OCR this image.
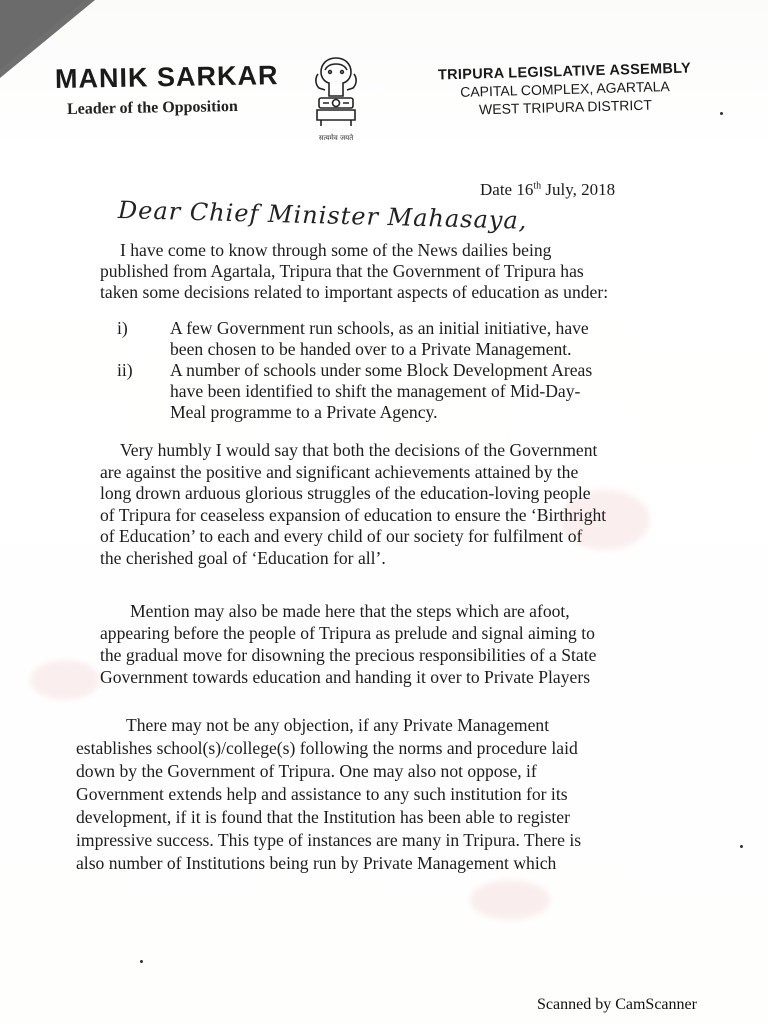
MANIK SARKAR
Leader of the Opposition
सत्यमेव जयते
TRIPURA LEGISLATIVE ASSEMBLY
CAPITAL COMPLEX, AGARTALA
WEST TRIPURA DISTRICT
Date 16th July, 2018
Dear Chief Minister Mahasaya,
I have come to know through some of the News dailies being
published from Agartala, Tripura that the Government of Tripura has
taken some decisions related to important aspects of education as under:
i) A few Government run schools, as an initial initiative, have
been chosen to be handed over to a Private Management.
ii) A number of schools under some Block Development Areas
have been identified to shift the management of Mid-Day-
Meal programme to a Private Agency.
Very humbly I would say that both the decisions of the Government
are against the positive and significant achievements attained by the
long drown arduous glorious struggles of the education-loving people
of Tripura for ceaseless expansion of education to ensure the ‘Birthright
of Education’ to each and every child of our society for fulfilment of
the cherished goal of ‘Education for all’.
Mention may also be made here that the steps which are afoot,
appearing before the people of Tripura as prelude and signal aiming to
the gradual move for disowning the precious responsibilities of a State
Government towards education and handing it over to Private Players
There may not be any objection, if any Private Management
establishes school(s)/college(s) following the norms and procedure laid
down by the Government of Tripura. One may also not oppose, if
Government extends help and assistance to any such institution for its
development, if it is found that the Institution has been able to register
impressive success. This type of instances are many in Tripura. There is
also number of Institutions being run by Private Management which
Scanned by CamScanner
